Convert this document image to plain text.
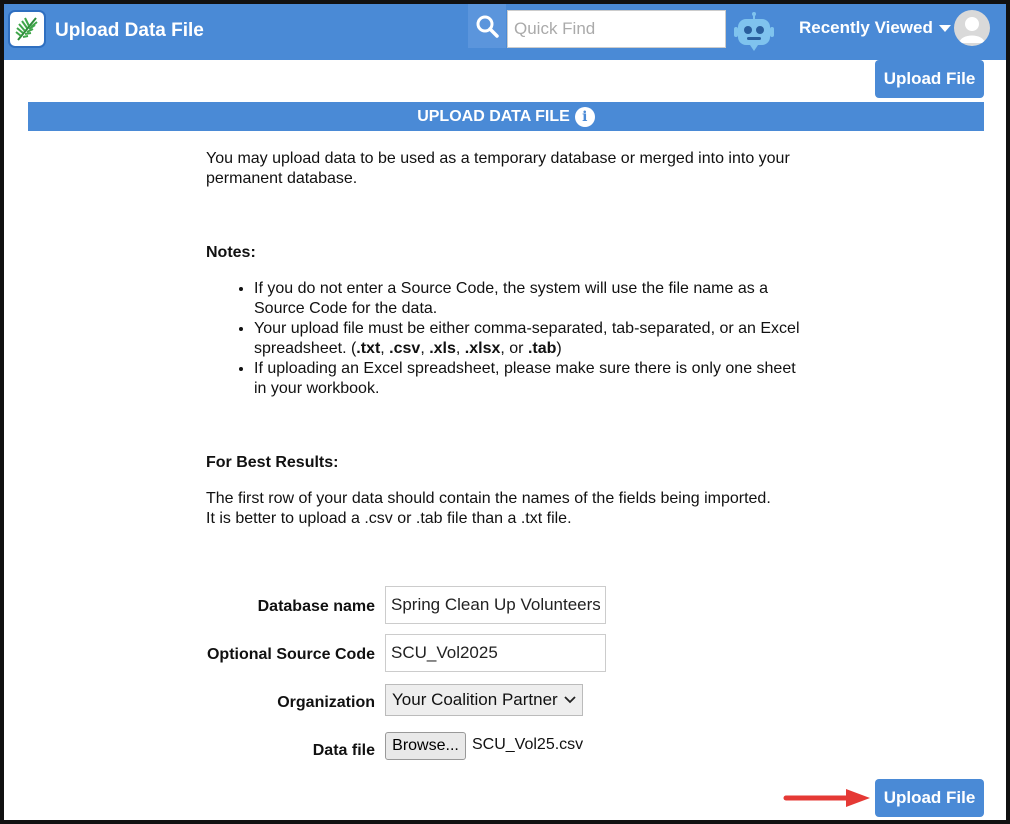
Upload Data File
Quick Find	Recently Viewed
Upload File
UPLOAD DATA FILE i

You may upload data to be used as a temporary database or merged into into your permanent database.

Notes:
• If you do not enter a Source Code, the system will use the file name as a Source Code for the data.
• Your upload file must be either comma-separated, tab-separated, or an Excel spreadsheet. (.txt, .csv, .xls, .xlsx, or .tab)
• If uploading an Excel spreadsheet, please make sure there is only one sheet in your workbook.
For Best Results:
The first row of your data should contain the names of the fields being imported.
It is better to upload a .csv or .tab file than a .txt file.
Database name
Spring Clean Up Volunteers
Optional Source Code
SCU_Vol2025
Organization Your Coalition Partner
Data file	Browse... SCU_Vol25.csv
Upload File
